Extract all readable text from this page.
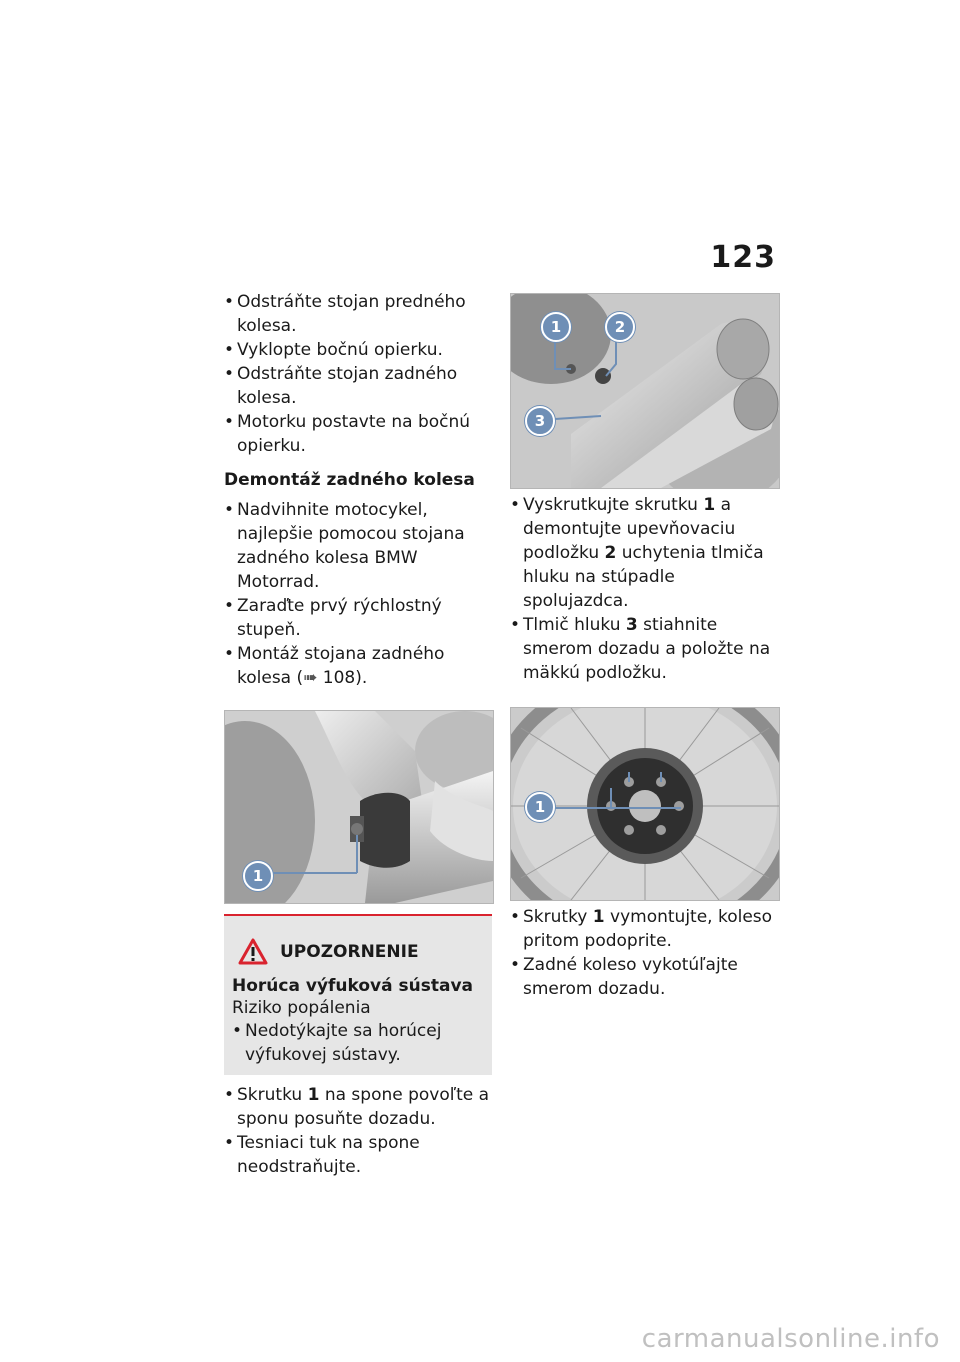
123
• Odstráňte stojan predného kolesa.
• Vyklopte bočnú opierku.
• Odstráňte stojan zadného kolesa.
• Motorku postavte na bočnú opierku.
Demontáž zadného kolesa
• Nadvihnite motocykel, najlepšie pomocou stojana zadného kolesa BMW Motorrad.
• Zaraďte prvý rýchlostný stupeň.
• Montáž stojana zadného kolesa (➠ 108).
1
UPOZORNENIE
Horúca výfuková sústava
Riziko popálenia
• Nedotýkajte sa horúcej výfukovej sústavy.
• Skrutku 1 na spone povoľte a sponu posuňte dozadu.
• Tesniaci tuk na spone neodstraňujte.
1	2
3
• Vyskrutkujte skrutku 1 a demontujte upevňovaciu podložku 2 uchytenia tlmiča hluku na stúpadle spolujazdca.
• Tlmič hluku 3 stiahnite smerom dozadu a položte na mäkkú podložku.
1
• Skrutky 1 vymontujte, koleso pritom podoprite.
• Zadné koleso vykotúľajte smerom dozadu.
carmanualsonline.info
